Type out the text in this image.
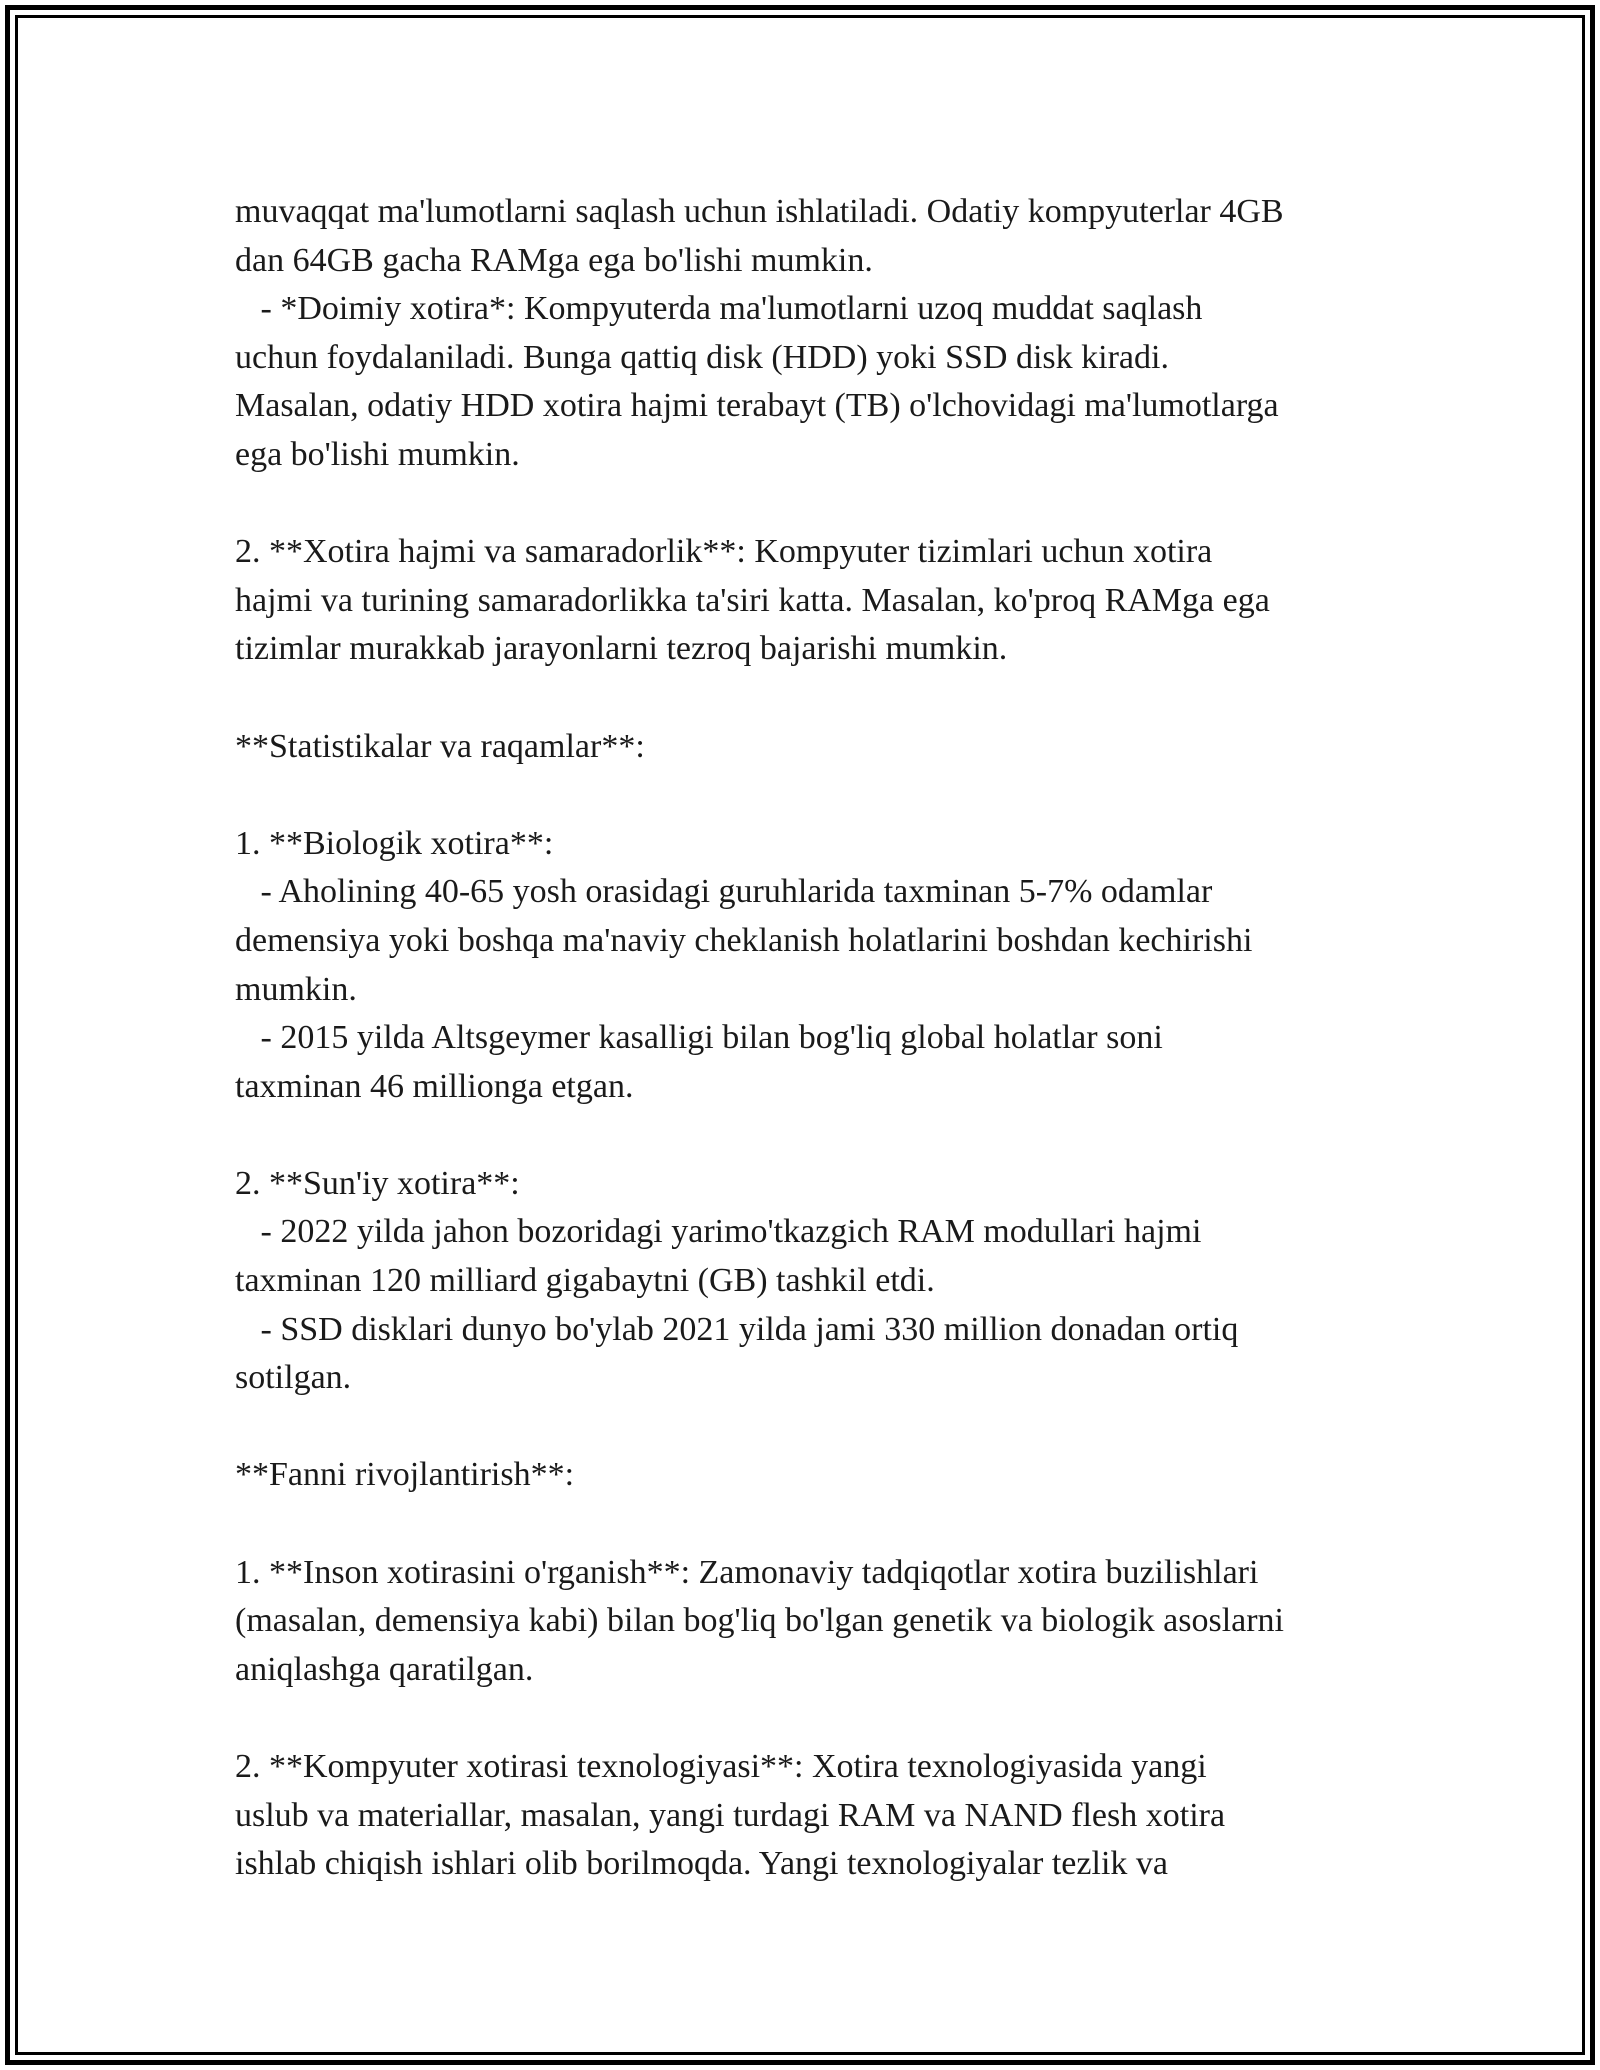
muvaqqat ma'lumotlarni saqlash uchun ishlatiladi. Odatiy kompyuterlar 4GB
dan 64GB gacha RAMga ega bo'lishi mumkin.
- *Doimiy xotira*: Kompyuterda ma'lumotlarni uzoq muddat saqlash
uchun foydalaniladi. Bunga qattiq disk (HDD) yoki SSD disk kiradi.
Masalan, odatiy HDD xotira hajmi terabayt (TB) o'lchovidagi ma'lumotlarga
ega bo'lishi mumkin.
2. **Xotira hajmi va samaradorlik**: Kompyuter tizimlari uchun xotira
hajmi va turining samaradorlikka ta'siri katta. Masalan, ko'proq RAMga ega
tizimlar murakkab jarayonlarni tezroq bajarishi mumkin.
**Statistikalar va raqamlar**:
1. **Biologik xotira**:
- Aholining 40-65 yosh orasidagi guruhlarida taxminan 5-7% odamlar
demensiya yoki boshqa ma'naviy cheklanish holatlarini boshdan kechirishi
mumkin.
- 2015 yilda Altsgeymer kasalligi bilan bog'liq global holatlar soni
taxminan 46 millionga etgan.
2. **Sun'iy xotira**:
- 2022 yilda jahon bozoridagi yarimo'tkazgich RAM modullari hajmi
taxminan 120 milliard gigabaytni (GB) tashkil etdi.
- SSD disklari dunyo bo'ylab 2021 yilda jami 330 million donadan ortiq
sotilgan.
**Fanni rivojlantirish**:
1. **Inson xotirasini o'rganish**: Zamonaviy tadqiqotlar xotira buzilishlari
(masalan, demensiya kabi) bilan bog'liq bo'lgan genetik va biologik asoslarni
aniqlashga qaratilgan.
2. **Kompyuter xotirasi texnologiyasi**: Xotira texnologiyasida yangi
uslub va materiallar, masalan, yangi turdagi RAM va NAND flesh xotira
ishlab chiqish ishlari olib borilmoqda. Yangi texnologiyalar tezlik va
